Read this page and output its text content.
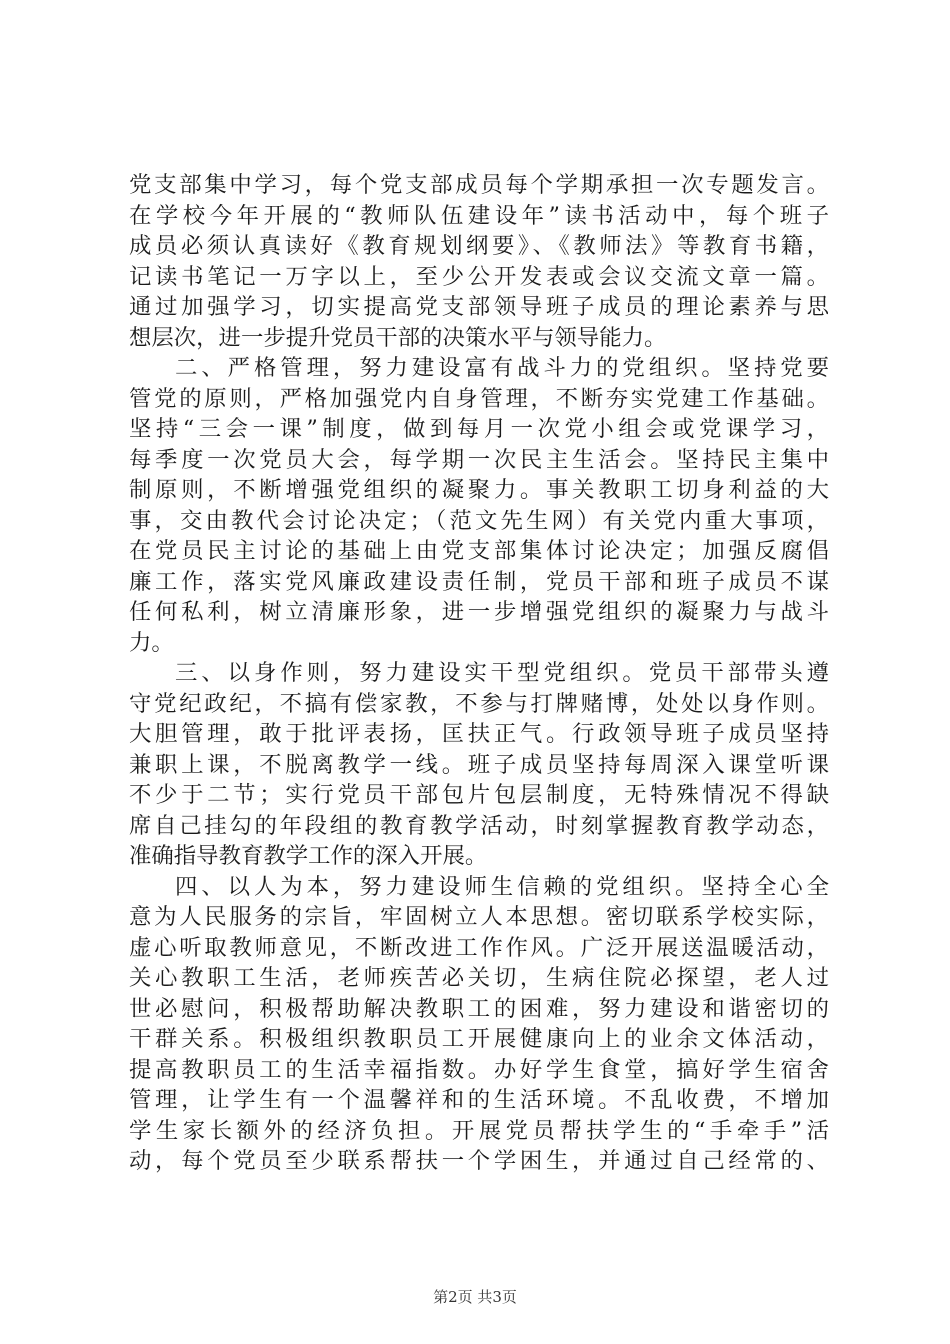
党支部集中学习，每个党支部成员每个学期承担一次专题发言。
在学校今年开展的“教师队伍建设年”读书活动中，每个班子
成员必须认真读好《教育规划纲要》、《教师法》等教育书籍，
记读书笔记一万字以上，至少公开发表或会议交流文章一篇。
通过加强学习，切实提高党支部领导班子成员的理论素养与思
想层次，进一步提升党员干部的决策水平与领导能力。
二、严格管理，努力建设富有战斗力的党组织。坚持党要
管党的原则，严格加强党内自身管理，不断夯实党建工作基础。
坚持“三会一课”制度，做到每月一次党小组会或党课学习，
每季度一次党员大会，每学期一次民主生活会。坚持民主集中
制原则，不断增强党组织的凝聚力。事关教职工切身利益的大
事，交由教代会讨论决定；（范文先生网）有关党内重大事项，
在党员民主讨论的基础上由党支部集体讨论决定；加强反腐倡
廉工作，落实党风廉政建设责任制，党员干部和班子成员不谋
任何私利，树立清廉形象，进一步增强党组织的凝聚力与战斗
力。
三、以身作则，努力建设实干型党组织。党员干部带头遵
守党纪政纪，不搞有偿家教，不参与打牌赌博，处处以身作则。
大胆管理，敢于批评表扬，匡扶正气。行政领导班子成员坚持
兼职上课，不脱离教学一线。班子成员坚持每周深入课堂听课
不少于二节；实行党员干部包片包层制度，无特殊情况不得缺
席自己挂勾的年段组的教育教学活动，时刻掌握教育教学动态，
准确指导教育教学工作的深入开展。
四、以人为本，努力建设师生信赖的党组织。坚持全心全
意为人民服务的宗旨，牢固树立人本思想。密切联系学校实际，
虚心听取教师意见，不断改进工作作风。广泛开展送温暖活动，
关心教职工生活，老师疾苦必关切，生病住院必探望，老人过
世必慰问，积极帮助解决教职工的困难，努力建设和谐密切的
干群关系。积极组织教职员工开展健康向上的业余文体活动，
提高教职员工的生活幸福指数。办好学生食堂，搞好学生宿舍
管理，让学生有一个温馨祥和的生活环境。不乱收费，不增加
学生家长额外的经济负担。开展党员帮扶学生的“手牵手”活
动，每个党员至少联系帮扶一个学困生，并通过自己经常的、
第2页 共3页
